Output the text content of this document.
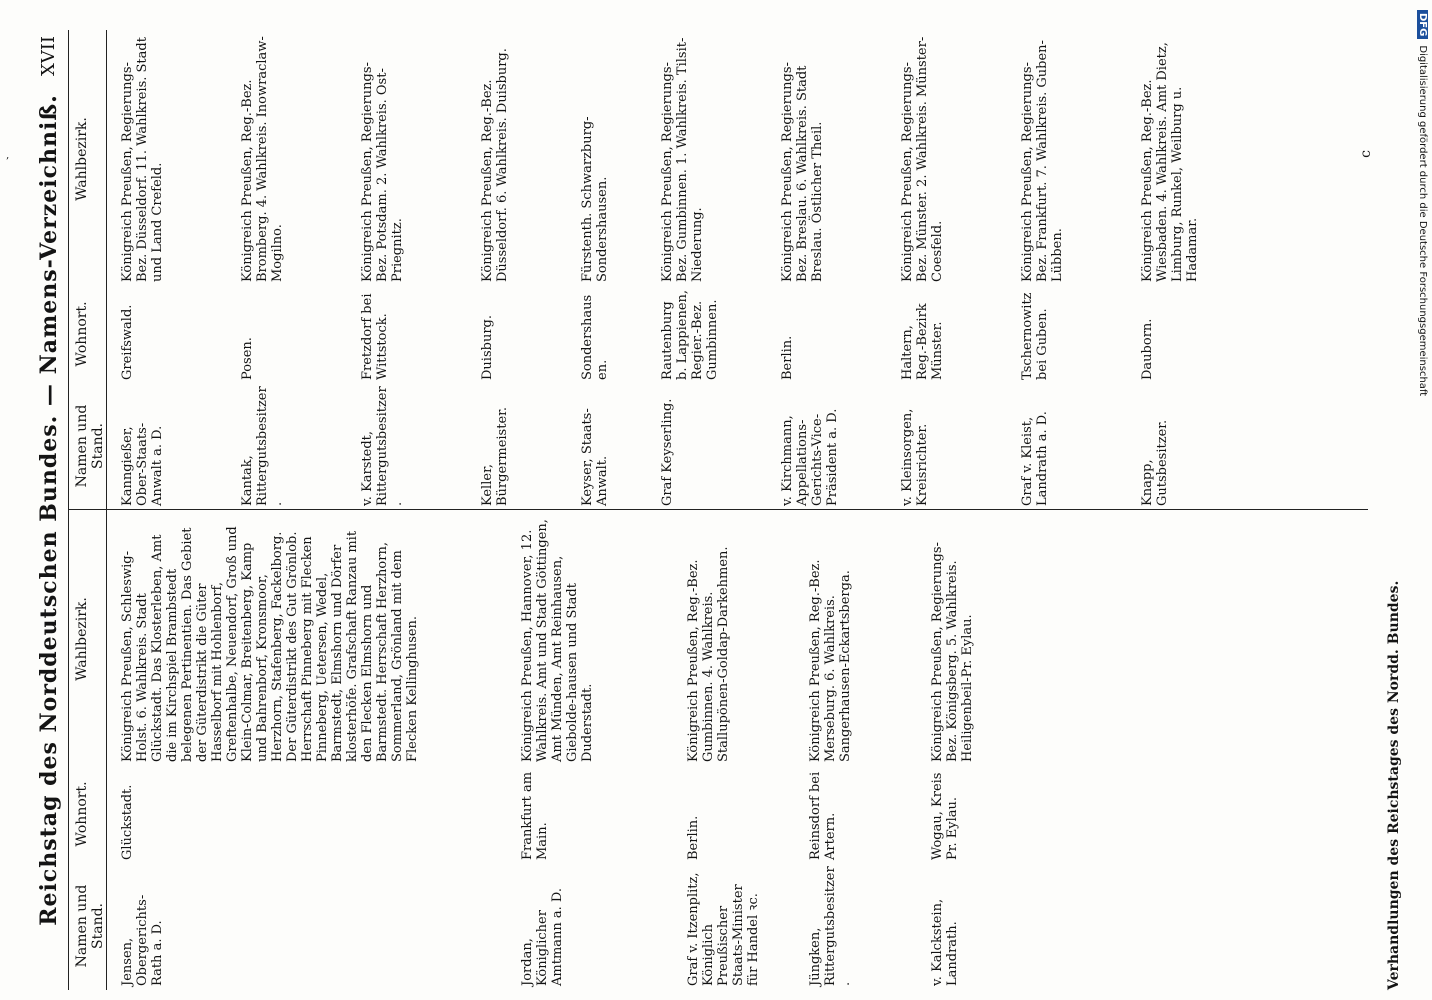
‚ Reichstag des Norddeutschen Bundes. — Namens-Verzeichniß.
XVII
Namen und Stand.
Wohnort.
Wahlbezirk.
Jensen, Obergerichts-Rath a. D.
Glückstadt.
Königreich Preußen, Schleswig-Holst. 6. Wahlkreis. Stadt Glückstadt. Das Klosterleben, Amt die im Kirchspiel Brambstedt belegenen Pertinentien. Das Gebiet der Güterdistrikt die Güter Hasselborf mit Hohlenborf, Greftenhalbe, Neuendorf, Groß und Klein-Colmar, Breitenberg, Kamp und Bahrenborf, Kronsmoor, Herzhorn, Stafenberg, Fackelborg. Der Güterdistrikt des Gut Grönlob. Herrschaft Pinneberg mit Flecken Pinneberg, Uetersen, Wedel, Barmstedt, Elmshorn und Dörfer klosterhöfe. Grafschaft Ranzau mit den Flecken Elmshorn und Barmstedt. Herrschaft Herzhorn, Sommerland, Grönland mit dem Flecken Kellinghusen.
Jordan, Königlicher Amtmann a. D.
Frankfurt am Main.
Königreich Preußen, Hannover, 12. Wahlkreis. Amt und Stadt Göttingen, Amt Münden, Amt Reinhausen, Giebolde-hausen und Stadt Duderstadt.
Graf v. Itzenplitz, Königlich Preußischer Staats-Minister für Handel ꝛc.
Berlin.
Königreich Preußen, Reg.-Bez. Gumbinnen. 4. Wahlkreis. Stallupönen-Goldap-Darkehmen.
Jüngken, Rittergutsbesitzer.
Reinsdorf bei Artern.
Königreich Preußen, Reg.-Bez. Merseburg. 6. Wahlkreis. Sangerhausen-Eckartsberga.
v. Kalckstein, Landrath.
Wogau, Kreis Pr. Eylau.
Königreich Preußen, Regierungs-Bez. Königsberg. 5. Wahlkreis. Heiligenbeil-Pr. Eylau.
Namen und Stand.
Wohnort.
Wahlbezirk.
Kanngießer, Ober-Staats-Anwalt a. D.
Greifswald.
Königreich Preußen, Regierungs-Bez. Düsseldorf. 11. Wahlkreis. Stadt und Land Crefeld.
Kantak, Rittergutsbesitzer.
Posen.
Königreich Preußen, Reg.-Bez. Bromberg. 4. Wahlkreis. Inowraclaw-Mogilno.
v. Karstedt, Rittergutsbesitzer.
Fretzdorf bei Wittstock.
Königreich Preußen, Regierungs-Bez. Potsdam. 2. Wahlkreis. Ost-Priegnitz.
Keller, Bürgermeister.
Duisburg.
Königreich Preußen, Reg.-Bez. Düsseldorf. 6. Wahlkreis. Duisburg.
Keyser, Staats-Anwalt.
Sondershausen.
Fürstenth. Schwarzburg-Sondershausen.
Graf Keyserling.
Rautenburg b. Lappienen, Regier.-Bez. Gumbinnen.
Königreich Preußen, Regierungs-Bez. Gumbinnen. 1. Wahlkreis. Tilsit-Niederung.
v. Kirchmann, Appellations-Gerichts-Vice-Präsident a. D.
Berlin.
Königreich Preußen, Regierungs-Bez. Breslau. 6. Wahlkreis. Stadt Breslau. Östlicher Theil.
v. Kleinsorgen, Kreisrichter.
Haltern, Reg.-Bezirk Münster.
Königreich Preußen, Regierungs-Bez. Münster. 2. Wahlkreis. Münster-Coesfeld.
Graf v. Kleist, Landrath a. D.
Tschernowitz bei Guben.
Königreich Preußen, Regierungs-Bez. Frankfurt. 7. Wahlkreis. Guben-Lübben.
Knapp, Gutsbesitzer.
Dauborn.
Königreich Preußen, Reg.-Bez. Wiesbaden. 4. Wahlkreis. Amt Dietz, Limburg, Runkel, Weilburg u. Hadamar.
c
Verhandlungen des Reichstages des Nordd. Bundes.
DFGDigitalisierung gefördert durch die Deutsche Forschungsgemeinschaft
